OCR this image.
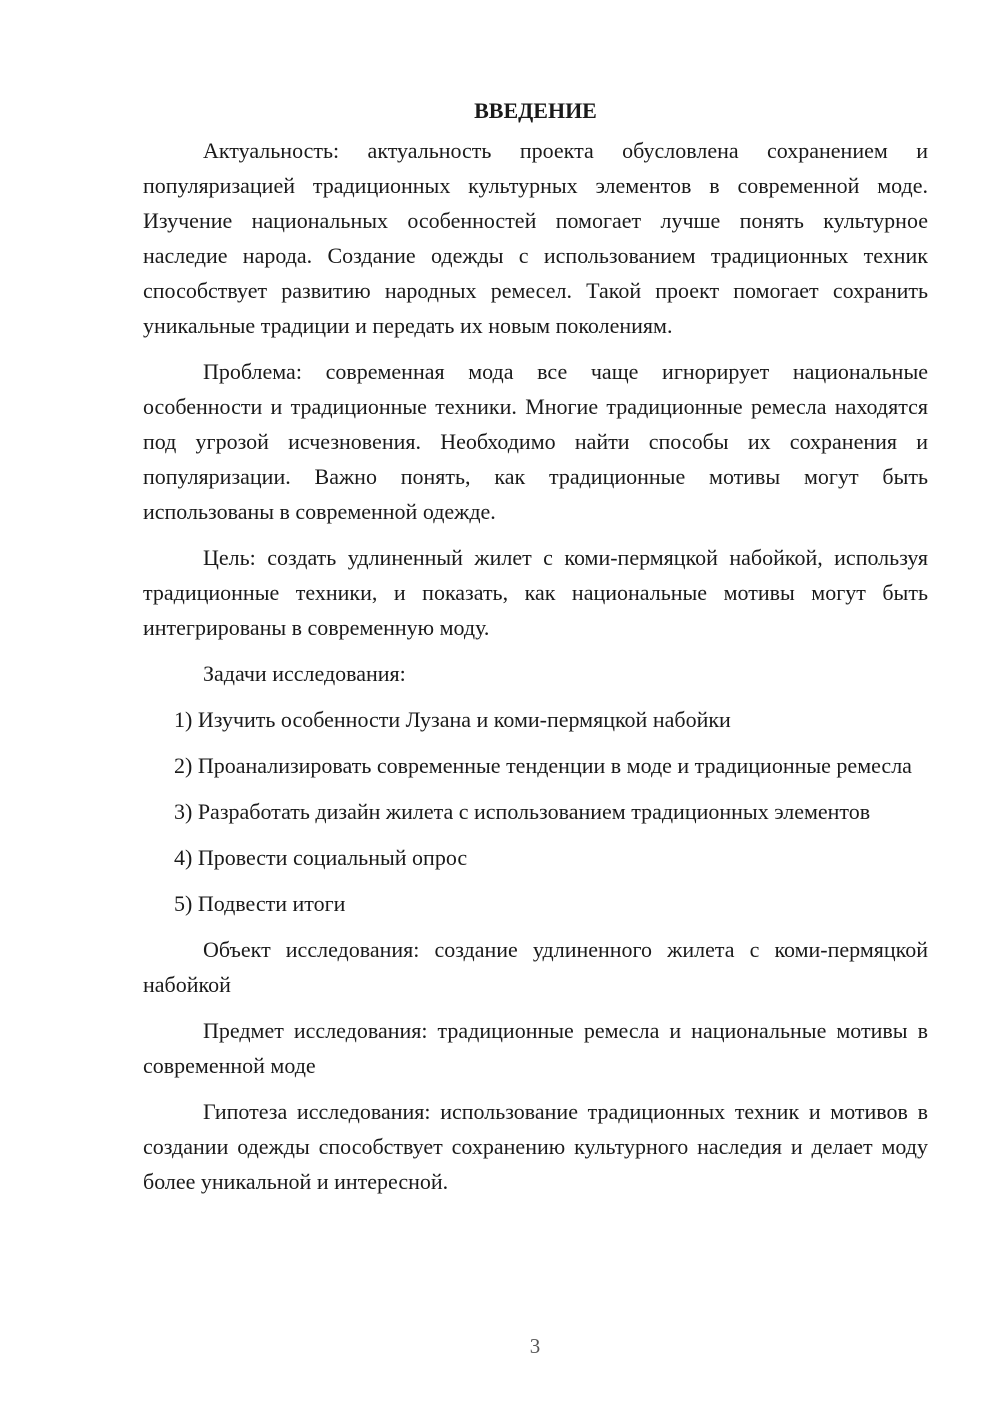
ВВЕДЕНИЕ

Актуальность: актуальность проекта обусловлена сохранением и популяризацией традиционных культурных элементов в современной моде. Изучение национальных особенностей помогает лучше понять культурное наследие народа. Создание одежды с использованием традиционных техник способствует развитию народных ремесел. Такой проект помогает сохранить уникальные традиции и передать их новым поколениям.

Проблема: современная мода все чаще игнорирует национальные особенности и традиционные техники. Многие традиционные ремесла находятся под угрозой исчезновения. Необходимо найти способы их сохранения и популяризации. Важно понять, как традиционные мотивы могут быть использованы в современной одежде.

Цель: создать удлиненный жилет с коми-пермяцкой набойкой, используя традиционные техники, и показать, как национальные мотивы могут быть интегрированы в современную моду.

Задачи исследования:

1) Изучить особенности Лузана и коми-пермяцкой набойки

2) Проанализировать современные тенденции в моде и традиционные ремесла

3) Разработать дизайн жилета с использованием традиционных элементов

4) Провести социальный опрос

5) Подвести итоги

Объект исследования: создание удлиненного жилета с коми-пермяцкой набойкой

Предмет исследования: традиционные ремесла и национальные мотивы в современной моде

Гипотеза исследования: использование традиционных техник и мотивов в создании одежды способствует сохранению культурного наследия и делает моду более уникальной и интересной.

3
